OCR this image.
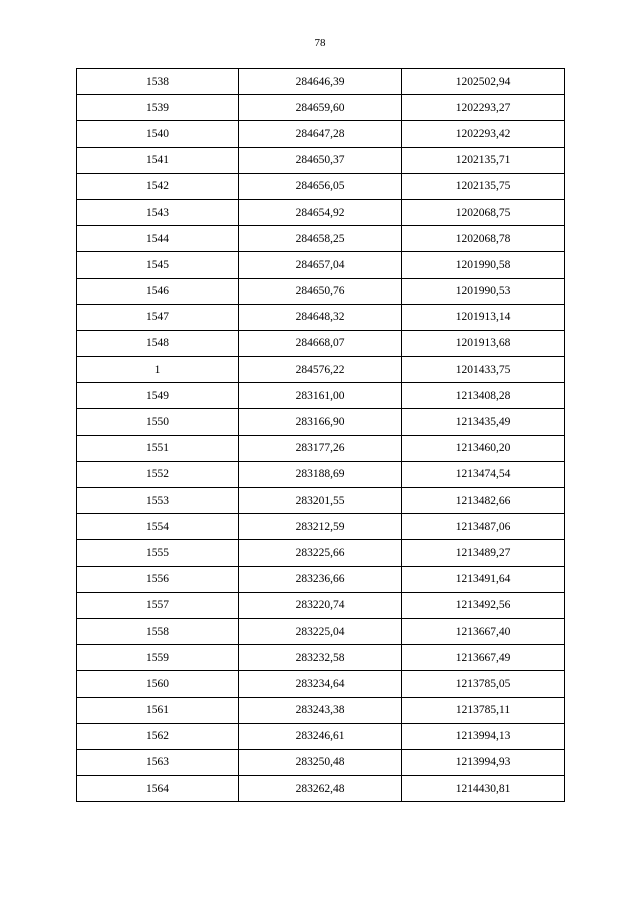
78
1538	284646,39	1202502,94
1539	284659,60	1202293,27
1540	284647,28	1202293,42
1541	284650,37	1202135,71
1542	284656,05	1202135,75
1543	284654,92	1202068,75
1544	284658,25	1202068,78
1545	284657,04	1201990,58
1546	284650,76	1201990,53
1547	284648,32	1201913,14
1548	284668,07	1201913,68
1	284576,22	1201433,75
1549	283161,00	1213408,28
1550	283166,90	1213435,49
1551	283177,26	1213460,20
1552	283188,69	1213474,54
1553	283201,55	1213482,66
1554	283212,59	1213487,06
1555	283225,66	1213489,27
1556	283236,66	1213491,64
1557	283220,74	1213492,56
1558	283225,04	1213667,40
1559	283232,58	1213667,49
1560	283234,64	1213785,05
1561	283243,38	1213785,11
1562	283246,61	1213994,13
1563	283250,48	1213994,93
1564	283262,48	1214430,81
